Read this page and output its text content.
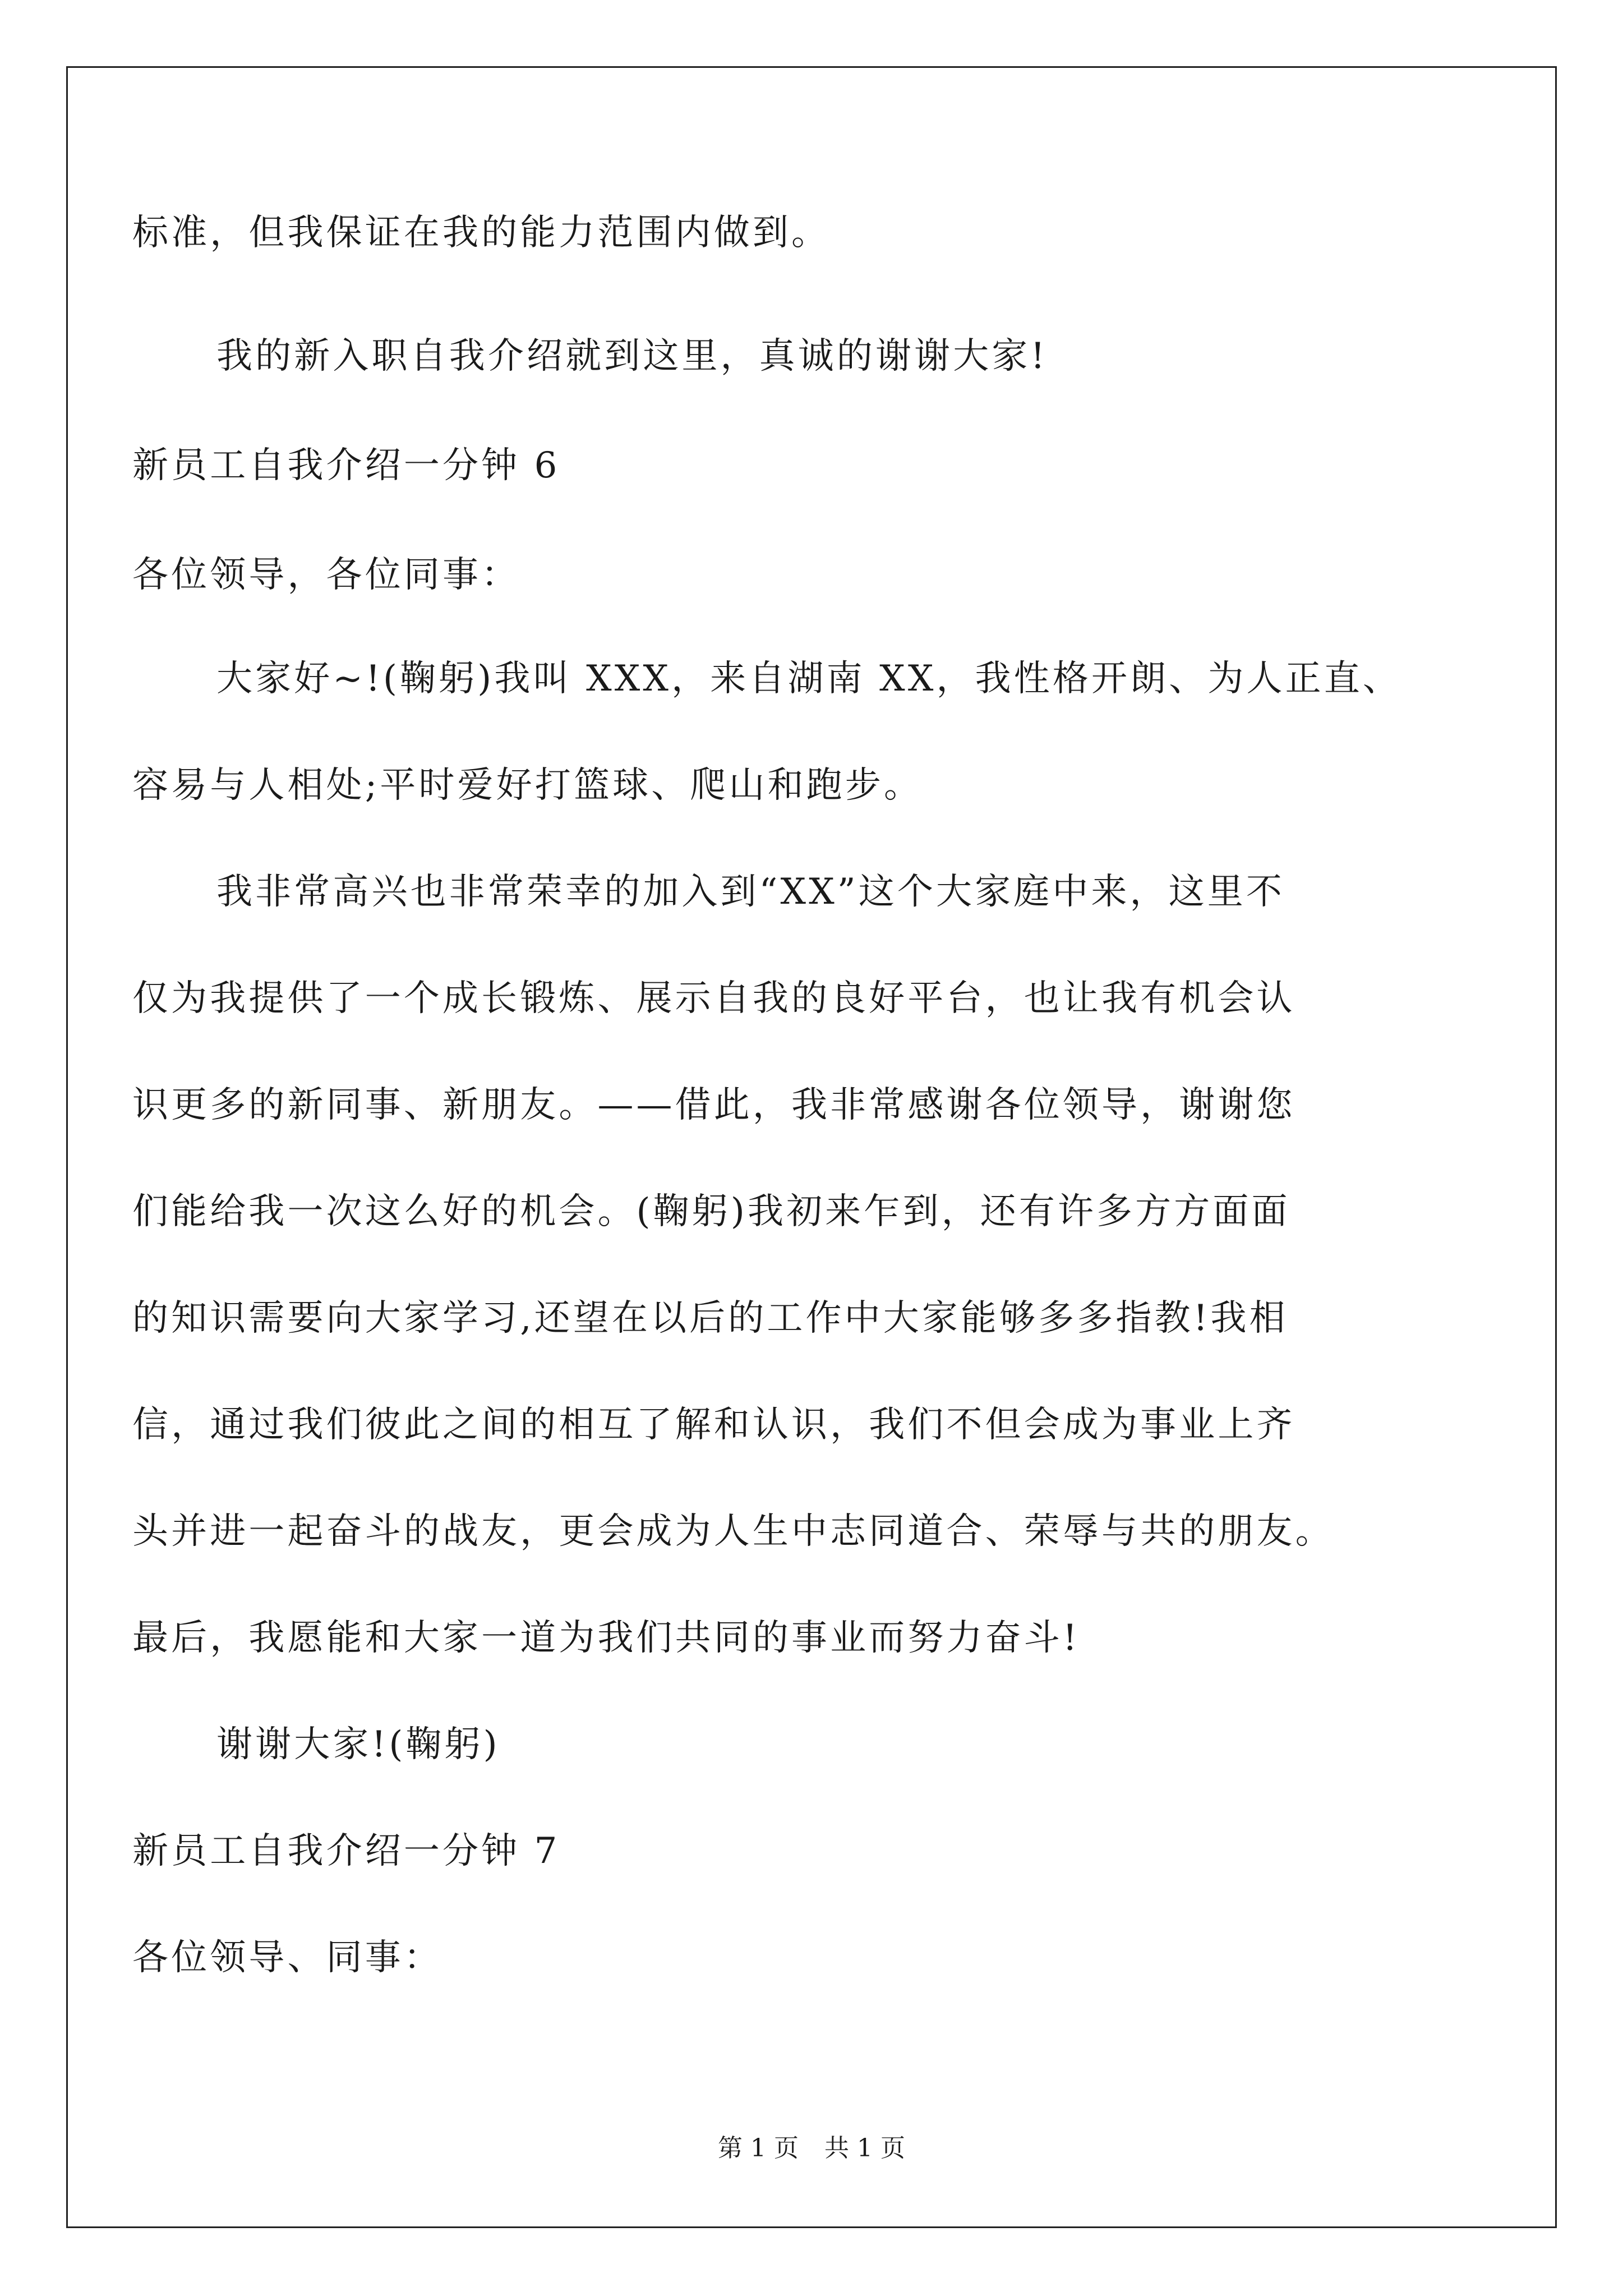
标准，但我保证在我的能力范围内做到。
我的新入职自我介绍就到这里，真诚的谢谢大家!
新员工自我介绍一分钟 6
各位领导，各位同事：
大家好~!(鞠躬)我叫 XXX，来自湖南 XX，我性格开朗、为人正直、
容易与人相处;平时爱好打篮球、爬山和跑步。
我非常高兴也非常荣幸的加入到“XX”这个大家庭中来，这里不
仅为我提供了一个成长锻炼、展示自我的良好平台，也让我有机会认
识更多的新同事、新朋友。——借此，我非常感谢各位领导，谢谢您
们能给我一次这么好的机会。(鞠躬)我初来乍到，还有许多方方面面
的知识需要向大家学习,还望在以后的工作中大家能够多多指教!我相
信，通过我们彼此之间的相互了解和认识，我们不但会成为事业上齐
头并进一起奋斗的战友，更会成为人生中志同道合、荣辱与共的朋友。
最后，我愿能和大家一道为我们共同的事业而努力奋斗!
谢谢大家!(鞠躬)
新员工自我介绍一分钟 7
各位领导、同事：
第 1 页 共 1 页
